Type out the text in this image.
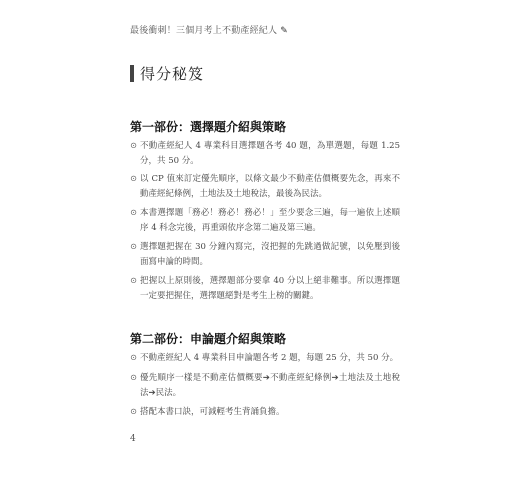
最後衝刺！三個月考上不動產經紀人 ✎
得分秘笈
第一部份：選擇題介紹與策略
⊙ 不動產經紀人 4 專業科目選擇題各考 40 題，為單選題，每題 1.25 分，共 50 分。
⊙ 以 CP 值來訂定優先順序，以條文最少不動產估價概要先念，再來不動產經紀條例，土地法及土地稅法，最後為民法。
⊙ 本書選擇題「務必！務必！務必！」至少要念三遍，每一遍依上述順序 4 科念完後，再重頭依序念第二遍及第三遍。
⊙ 選擇題把握在 30 分鐘內寫完，沒把握的先跳過做記號，以免壓到後面寫申論的時間。
⊙ 把握以上原則後，選擇題部分要拿 40 分以上絕非難事。所以選擇題一定要把握住，選擇題絕對是考生上榜的關鍵。
第二部份：申論題介紹與策略
⊙ 不動產經紀人 4 專業科目申論題各考 2 題，每題 25 分，共 50 分。
⊙ 優先順序一樣是不動產估價概要➔不動產經紀條例➔土地法及土地稅法➔民法。
⊙ 搭配本書口訣，可減輕考生背誦負擔。
4
